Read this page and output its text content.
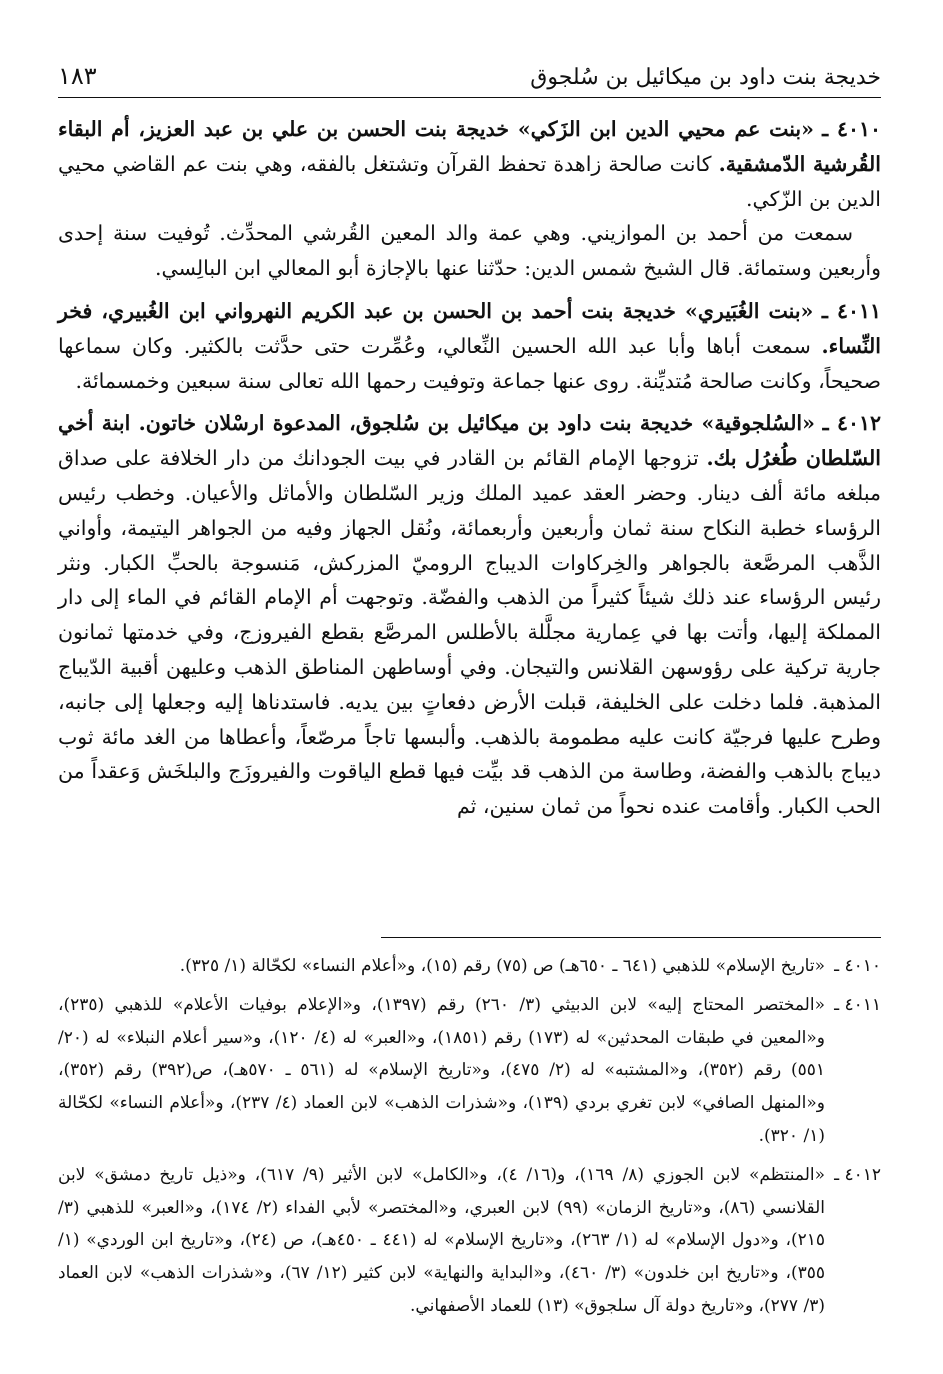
خديجة بنت داود بن ميكائيل بن سُلجوق
١٨٣

٤٠١٠ ـ «بنت عم محيي الدين ابن الزَكي» خديجة بنت الحسن بن علي بن عبد العزيز، أم البقاء القُرشية الدّمشقية. كانت صالحة زاهدة تحفظ القرآن وتشتغل بالفقه، وهي بنت عم القاضي محيي الدين بن الزّكي.

سمعت من أحمد بن الموازيني. وهي عمة والد المعين القُرشي المحدِّث. تُوفيت سنة إحدى وأربعين وستمائة. قال الشيخ شمس الدين: حدّثنا عنها بالإجازة أبو المعالي ابن البالِسي.

٤٠١١ ـ «بنت الغُبَيري» خديجة بنت أحمد بن الحسن بن عبد الكريم النهرواني ابن الغُبيري، فخر النِّساء. سمعت أباها وأبا عبد الله الحسين النِّعالي، وعُمِّرت حتى حدَّثت بالكثير. وكان سماعها صحيحاً، وكانت صالحة مُتديِّنة. روى عنها جماعة وتوفيت رحمها الله تعالى سنة سبعين وخمسمائة.

٤٠١٢ ـ «السُلجوقية» خديجة بنت داود بن ميكائيل بن سُلجوق، المدعوة ارسْلان خاتون. ابنة أخي السّلطان طُغرُل بك. تزوجها الإمام القائم بن القادر في بيت الجودانك من دار الخلافة على صداق مبلغه مائة ألف دينار. وحضر العقد عميد الملك وزير السّلطان والأماثل والأعيان. وخطب رئيس الرؤساء خطبة النكاح سنة ثمان وأربعين وأربعمائة، ونُقل الجهاز وفيه من الجواهر اليتيمة، وأواني الذَّهب المرصَّعة بالجواهر والخِركاوات الديباج الروميّ المزركش، مَنسوجة بالحبِّ الكبار. ونثر رئيس الرؤساء عند ذلك شيئاً كثيراً من الذهب والفضّة. وتوجهت أم الإمام القائم في الماء إلى دار المملكة إليها، وأتت بها في عِمارية مجلَّلة بالأطلس المرصَّع بقطع الفيروزج، وفي خدمتها ثمانون جارية تركية على رؤوسهن القلانس والتيجان. وفي أوساطهن المناطق الذهب وعليهن أقبية الدّيباج المذهبة. فلما دخلت على الخليفة، قبلت الأرض دفعاتٍ بين يديه. فاستدناها إليه وجعلها إلى جانبه، وطرح عليها فرجيّة كانت عليه مطمومة بالذهب. وألبسها تاجاً مرصّعاً، وأعطاها من الغد مائة ثوب ديباج بالذهب والفضة، وطاسة من الذهب قد بيِّت فيها قطع الياقوت والفيروزَج والبلخَش وَعقداً من الحب الكبار. وأقامت عنده نحواً من ثمان سنين، ثم

٤٠١٠ ـ
«تاريخ الإسلام» للذهبي (٦٤١ ـ ٦٥٠هـ) ص (٧٥) رقم (١٥)، و«أعلام النساء» لكحّالة (١/ ٣٢٥).
٤٠١١ ـ
«المختصر المحتاج إليه» لابن الدبيثي (٣/ ٢٦٠) رقم (١٣٩٧)، و«الإعلام بوفيات الأعلام» للذهبي (٢٣٥)، و«المعين في طبقات المحدثين» له (١٧٣) رقم (١٨٥١)، و«العبر» له (٤/ ١٢٠)، و«سير أعلام النبلاء» له (٢٠/ ٥٥١) رقم (٣٥٢)، و«المشتبه» له (٢/ ٤٧٥)، و«تاريخ الإسلام» له (٥٦١ ـ ٥٧٠هـ)، ص(٣٩٢) رقم (٣٥٢)، و«المنهل الصافي» لابن تغري بردي (١٣٩)، و«شذرات الذهب» لابن العماد (٤/ ٢٣٧)، و«أعلام النساء» لكحّالة (١/ ٣٢٠).
٤٠١٢ ـ
«المنتظم» لابن الجوزي (٨/ ١٦٩)، و(١٦/ ٤)، و«الكامل» لابن الأثير (٩/ ٦١٧)، و«ذيل تاريخ دمشق» لابن القلانسي (٨٦)، و«تاريخ الزمان» (٩٩) لابن العبري، و«المختصر» لأبي الفداء (٢/ ١٧٤)، و«العبر» للذهبي (٣/ ٢١٥)، و«دول الإسلام» له (١/ ٢٦٣)، و«تاريخ الإسلام» له (٤٤١ ـ ٤٥٠هـ)، ص (٢٤)، و«تاريخ ابن الوردي» (١/ ٣٥٥)، و«تاريخ ابن خلدون» (٣/ ٤٦٠)، و«البداية والنهاية» لابن كثير (١٢/ ٦٧)، و«شذرات الذهب» لابن العماد (٣/ ٢٧٧)، و«تاريخ دولة آل سلجوق» (١٣) للعماد الأصفهاني.
